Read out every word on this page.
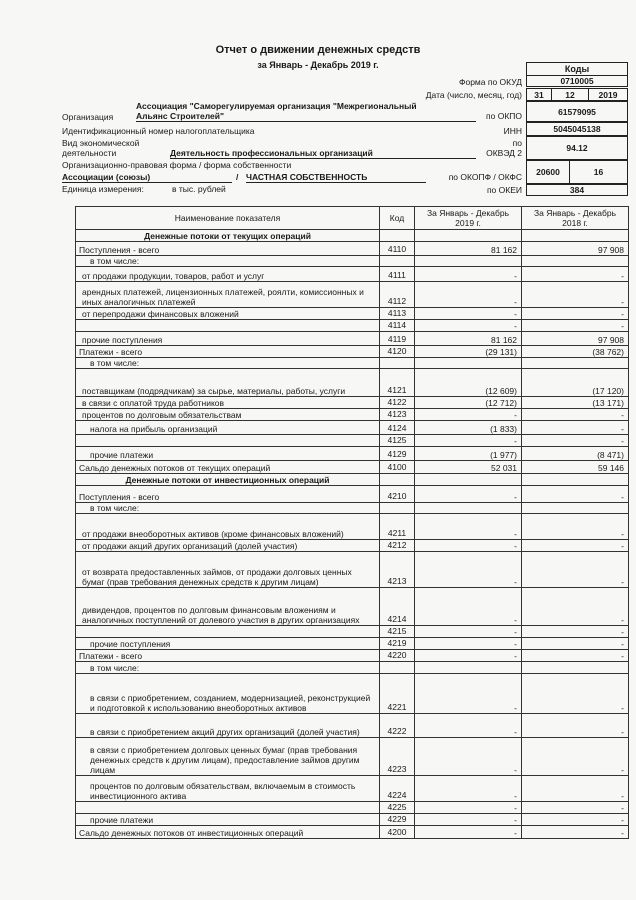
Отчет о движении денежных средств
за Январь - Декабрь 2019 г.	Коды
Форма по ОКУД	0710005
Дата (число, месяц, год)	31	12	2019
Организация
Ассоциация "Саморегулируемая организация "Межрегиональный
Альянс Строителей"	по ОКПО	61579095
Идентификационный номер налогоплательщика	ИНН	5045045138
Вид экономической
деятельности	Деятельность профессиональных организаций
по
ОКВЭД 2	94.12
Организационно-правовая форма / форма собственности
Ассоциации (союзы)	/ ЧАСТНАЯ СОБСТВЕННОСТЬ	по ОКОПФ / ОКФС	20600	16
Единица измерения:	в тыс. рублей	по ОКЕИ	384
Наименование показателя	Код	За Январь - Декабрь 2019 г.	За Январь - Декабрь 2018 г.
Денежные потоки от текущих операций			
Поступления - всего	4110	81 162	97 908
в том числе:			
от продажи продукции, товаров, работ и услуг	4111	-	-
арендных платежей, лицензионных платежей, роялти, комиссионных и иных аналогичных платежей	4112	-	-
от перепродажи финансовых вложений	4113	-	-
	4114	-	-
прочие поступления	4119	81 162	97 908
Платежи - всего	4120	(29 131)	(38 762)
в том числе:			
поставщикам (подрядчикам) за сырье, материалы, работы, услуги	4121	(12 609)	(17 120)
в связи с оплатой труда работников	4122	(12 712)	(13 171)
процентов по долговым обязательствам	4123	-	-
налога на прибыль организаций	4124	(1 833)	-
	4125	-	-
прочие платежи	4129	(1 977)	(8 471)
Сальдо денежных потоков от текущих операций	4100	52 031	59 146
Денежные потоки от инвестиционных операций			
Поступления - всего	4210	-	-
в том числе:			
от продажи внеоборотных активов (кроме финансовых вложений)	4211	-	-
от продажи акций других организаций (долей участия)	4212	-	-
от возврата предоставленных займов, от продажи долговых ценных бумаг (прав требования денежных средств к другим лицам)	4213	-	-
дивидендов, процентов по долговым финансовым вложениям и аналогичных поступлений от долевого участия в других организациях	4214	-	-
	4215	-	-
прочие поступления	4219	-	-
Платежи - всего	4220	-	-
в том числе:			
в связи с приобретением, созданием, модернизацией, реконструкцией и подготовкой к использованию внеоборотных активов	4221	-	-
в связи с приобретением акций других организаций (долей участия)	4222	-	-
в связи с приобретением долговых ценных бумаг (прав требования денежных средств к другим лицам), предоставление займов другим лицам	4223	-	-
процентов по долговым обязательствам, включаемым в стоимость инвестиционного актива	4224	-	-
	4225	-	-
прочие платежи	4229	-	-
Сальдо денежных потоков от инвестиционных операций	4200	-	-
